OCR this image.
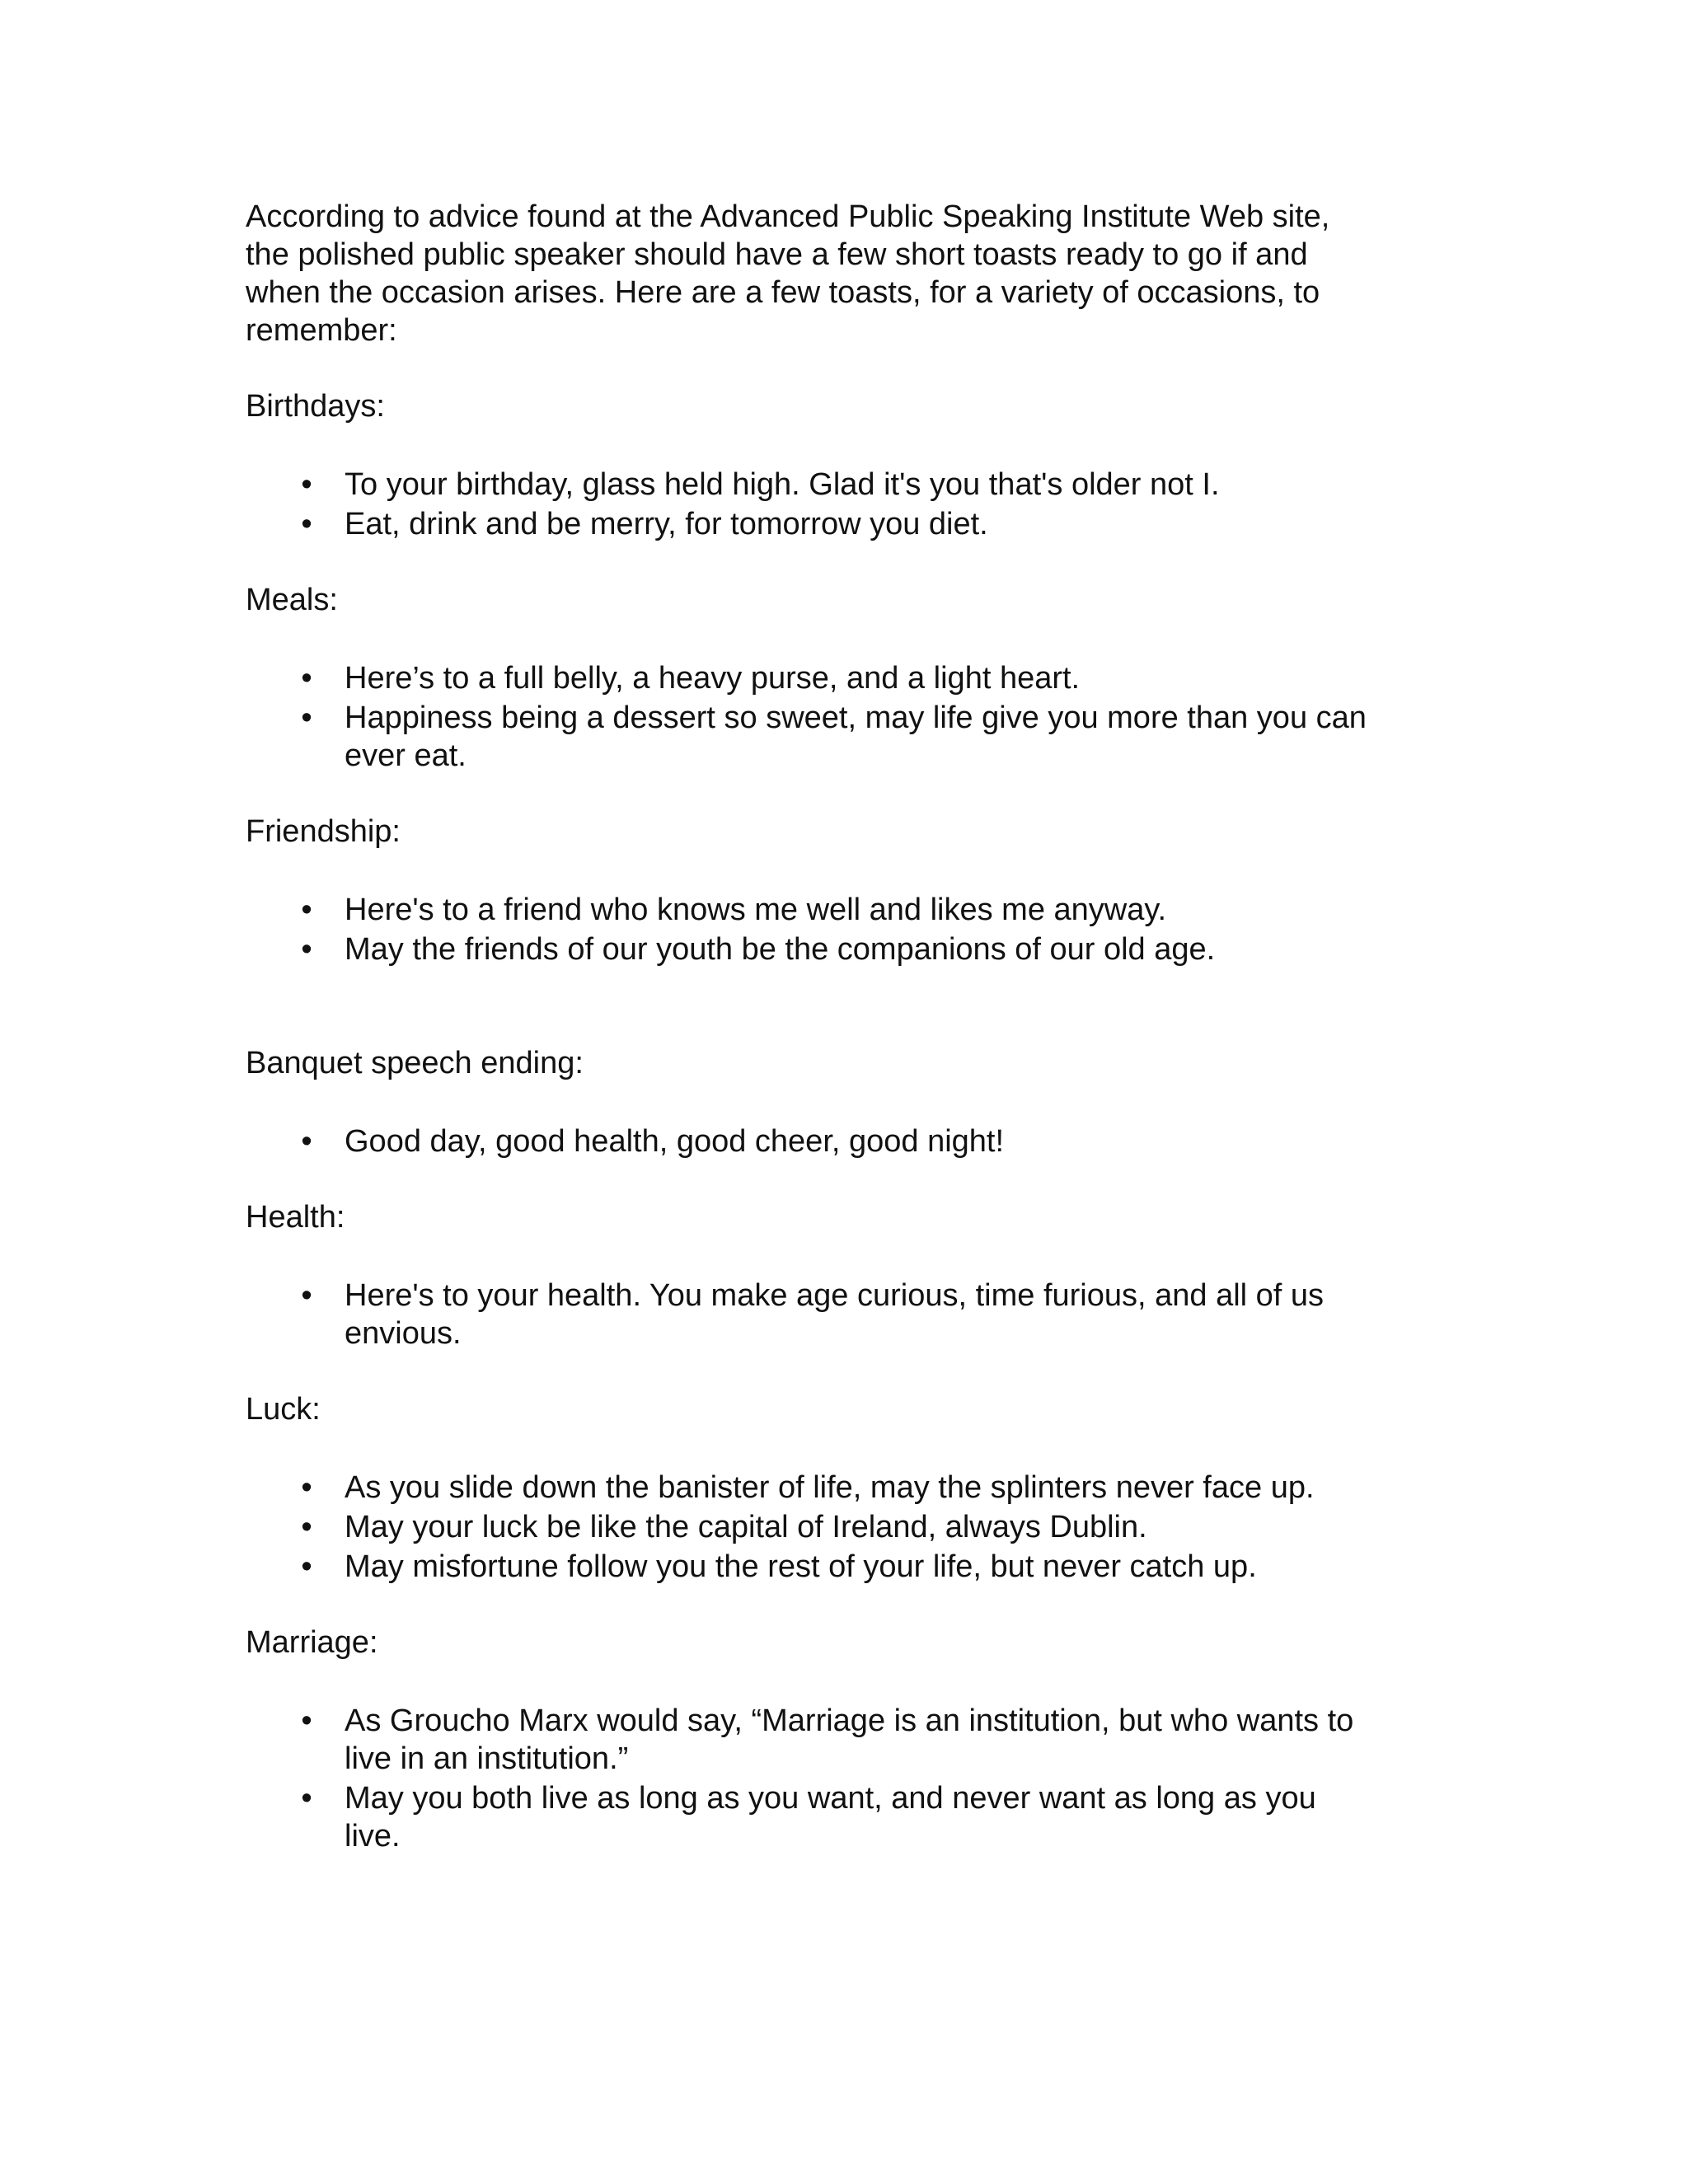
According to advice found at the Advanced Public Speaking Institute Web site,
the polished public speaker should have a few short toasts ready to go if and
when the occasion arises. Here are a few toasts, for a variety of occasions, to
remember:

Birthdays:

• To your birthday, glass held high. Glad it's you that's older not I.
• Eat, drink and be merry, for tomorrow you diet.

Meals:

• Here’s to a full belly, a heavy purse, and a light heart.
• Happiness being a dessert so sweet, may life give you more than you can
ever eat.

Friendship:

• Here's to a friend who knows me well and likes me anyway.
• May the friends of our youth be the companions of our old age.

Banquet speech ending:

• Good day, good health, good cheer, good night!

Health:

• Here's to your health. You make age curious, time furious, and all of us
envious.

Luck:

• As you slide down the banister of life, may the splinters never face up.
• May your luck be like the capital of Ireland, always Dublin.
• May misfortune follow you the rest of your life, but never catch up.

Marriage:

• As Groucho Marx would say, “Marriage is an institution, but who wants to
live in an institution.”
• May you both live as long as you want, and never want as long as you
live.
